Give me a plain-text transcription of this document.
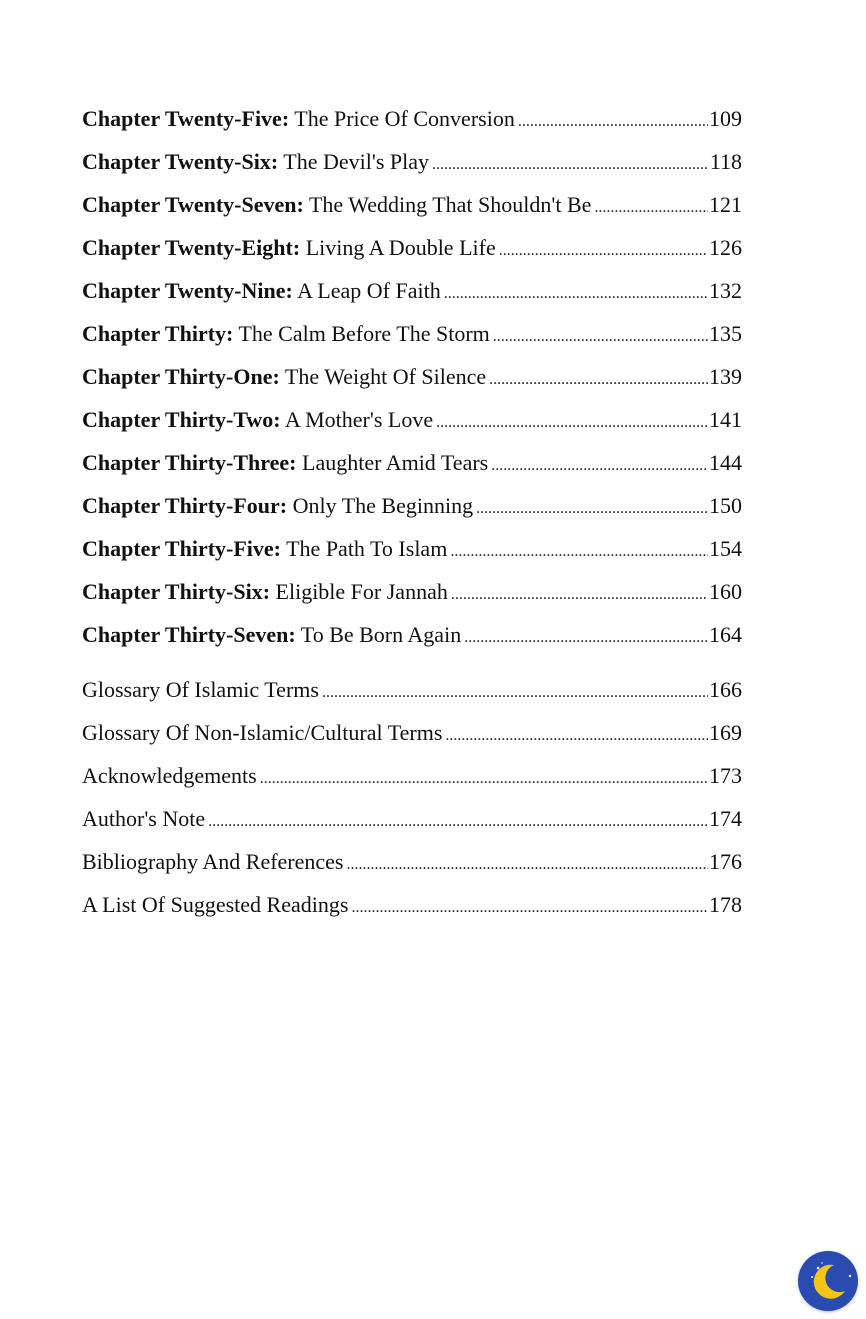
Chapter Twenty-Five: The Price Of Conversion .....	109
Chapter Twenty-Six: The Devil's Play .....	118
Chapter Twenty-Seven: The Wedding That Shouldn't Be .....	121
Chapter Twenty-Eight: Living A Double Life .....	126
Chapter Twenty-Nine: A Leap Of Faith .....	132
Chapter Thirty: The Calm Before The Storm .....	135
Chapter Thirty-One: The Weight Of Silence .....	139
Chapter Thirty-Two: A Mother's Love .....	141
Chapter Thirty-Three: Laughter Amid Tears .....	144
Chapter Thirty-Four: Only The Beginning .....	150
Chapter Thirty-Five: The Path To Islam .....	154
Chapter Thirty-Six: Eligible For Jannah .....	160
Chapter Thirty-Seven: To Be Born Again .....	164
Glossary Of Islamic Terms .....	166
Glossary Of Non-Islamic/Cultural Terms .....	169
Acknowledgements .....	173
Author's Note .....	174
Bibliography And References .....	176
A List Of Suggested Readings .....	178
